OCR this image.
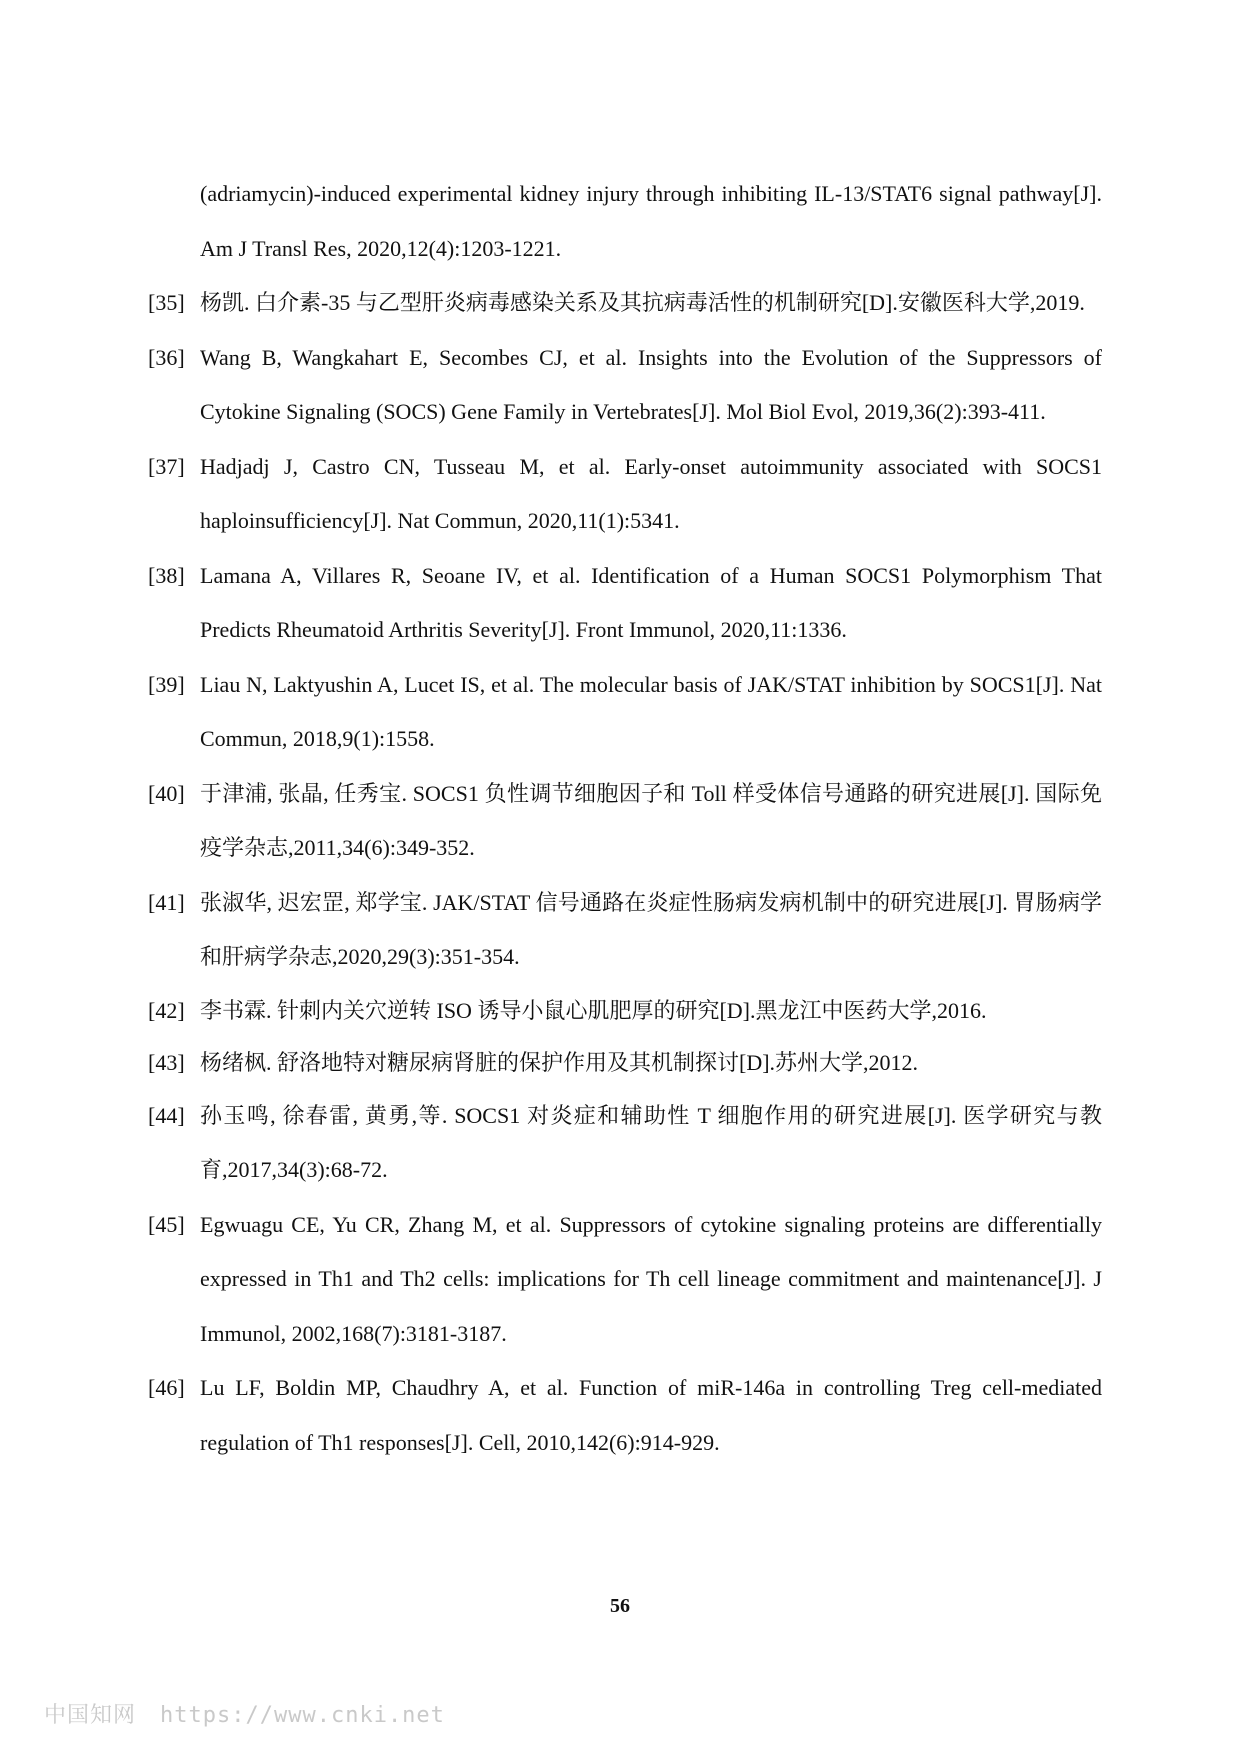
(adriamycin)-induced experimental kidney injury through inhibiting IL-13/STAT6 signal pathway[J]. Am J Transl Res, 2020,12(4):1203-1221.
[35] 杨凯. 白介素-35 与乙型肝炎病毒感染关系及其抗病毒活性的机制研究[D].安徽医科大学,2019.
[36] Wang B, Wangkahart E, Secombes CJ, et al. Insights into the Evolution of the Suppressors of Cytokine Signaling (SOCS) Gene Family in Vertebrates[J]. Mol Biol Evol, 2019,36(2):393-411.
[37] Hadjadj J, Castro CN, Tusseau M, et al. Early-onset autoimmunity associated with SOCS1 haploinsufficiency[J]. Nat Commun, 2020,11(1):5341.
[38] Lamana A, Villares R, Seoane IV, et al. Identification of a Human SOCS1 Polymorphism That Predicts Rheumatoid Arthritis Severity[J]. Front Immunol, 2020,11:1336.
[39] Liau N, Laktyushin A, Lucet IS, et al. The molecular basis of JAK/STAT inhibition by SOCS1[J]. Nat Commun, 2018,9(1):1558.
[40] 于津浦, 张晶, 任秀宝. SOCS1 负性调节细胞因子和 Toll 样受体信号通路的研究进展[J]. 国际免疫学杂志,2011,34(6):349-352.
[41] 张淑华, 迟宏罡, 郑学宝. JAK/STAT 信号通路在炎症性肠病发病机制中的研究进展[J]. 胃肠病学和肝病学杂志,2020,29(3):351-354.
[42] 李书霖. 针刺内关穴逆转 ISO 诱导小鼠心肌肥厚的研究[D].黑龙江中医药大学,2016.
[43] 杨绪枫. 舒洛地特对糖尿病肾脏的保护作用及其机制探讨[D].苏州大学,2012.
[44] 孙玉鸣, 徐春雷, 黄勇,等. SOCS1 对炎症和辅助性 T 细胞作用的研究进展[J]. 医学研究与教育,2017,34(3):68-72.
[45] Egwuagu CE, Yu CR, Zhang M, et al. Suppressors of cytokine signaling proteins are differentially expressed in Th1 and Th2 cells: implications for Th cell lineage commitment and maintenance[J]. J Immunol, 2002,168(7):3181-3187.
[46] Lu LF, Boldin MP, Chaudhry A, et al. Function of miR-146a in controlling Treg cell-mediated regulation of Th1 responses[J]. Cell, 2010,142(6):914-929.
56
中国知网 https://www.cnki.net
